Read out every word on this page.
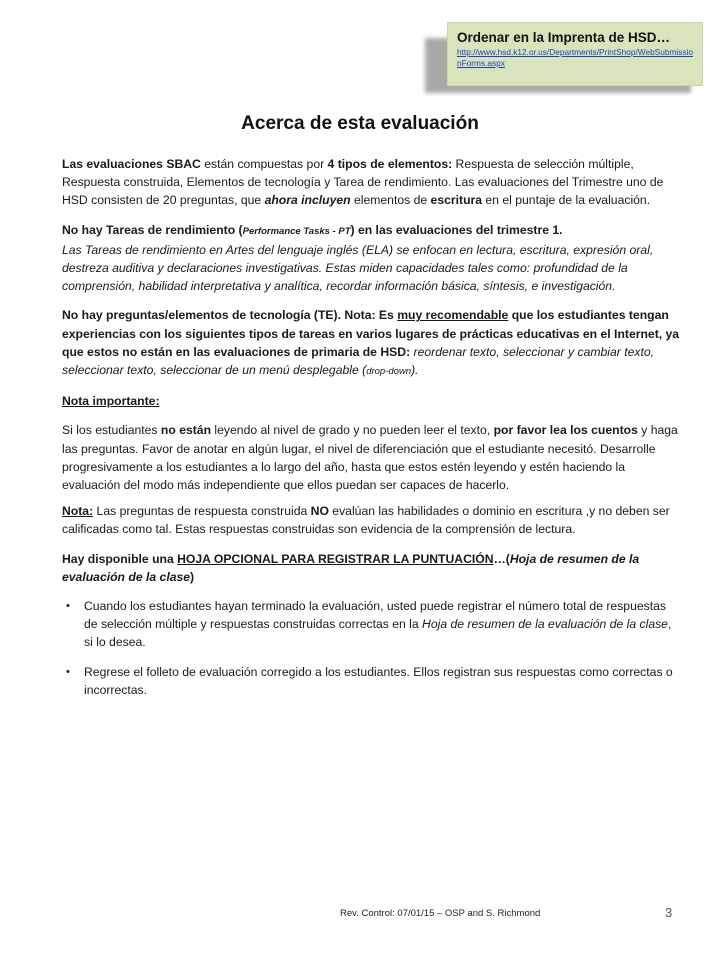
Ordenar en la Imprenta de HSD…
http://www.hsd.k12.or.us/Departments/PrintShop/WebSubmissionForms.aspx
Acerca de esta evaluación

Las evaluaciones SBAC están compuestas por 4 tipos de elementos: Respuesta de selección múltiple, Respuesta construida, Elementos de tecnología y Tarea de rendimiento. Las evaluaciones del Trimestre uno de HSD consisten de 20 preguntas, que ahora incluyen elementos de escritura en el puntaje de la evaluación.

No hay Tareas de rendimiento (Performance Tasks - PT) en las evaluaciones del trimestre 1.
Las Tareas de rendimiento en Artes del lenguaje inglés (ELA) se enfocan en lectura, escritura, expresión oral, destreza auditiva y declaraciones investigativas. Estas miden capacidades tales como: profundidad de la comprensión, habilidad interpretativa y analítica, recordar información básica, síntesis, e investigación.

No hay preguntas/elementos de tecnología (TE). Nota: Es muy recomendable que los estudiantes tengan experiencias con los siguientes tipos de tareas en varios lugares de prácticas educativas en el Internet, ya que estos no están en las evaluaciones de primaria de HSD: reordenar texto, seleccionar y cambiar texto, seleccionar texto, seleccionar de un menú desplegable (drop-down).

Nota importante:

Si los estudiantes no están leyendo al nivel de grado y no pueden leer el texto, por favor lea los cuentos y haga las preguntas. Favor de anotar en algún lugar, el nivel de diferenciación que el estudiante necesitó. Desarrolle progresivamente a los estudiantes a lo largo del año, hasta que estos estén leyendo y estén haciendo la evaluación del modo más independiente que ellos puedan ser capaces de hacerlo.

Nota: Las preguntas de respuesta construida NO evalúan las habilidades o dominio en escritura ,y no deben ser calificadas como tal. Estas respuestas construidas son evidencia de la comprensión de lectura.

Hay disponible una HOJA OPCIONAL PARA REGISTRAR LA PUNTUACIÓN…(Hoja de resumen de la evaluación de la clase)

• Cuando los estudiantes hayan terminado la evaluación, usted puede registrar el número total de respuestas de selección múltiple y respuestas construidas correctas en la Hoja de resumen de la evaluación de la clase, si lo desea.
• Regrese el folleto de evaluación corregido a los estudiantes. Ellos registran sus respuestas como correctas o incorrectas.
Rev. Control: 07/01/15 – OSP and S. Richmond	3
